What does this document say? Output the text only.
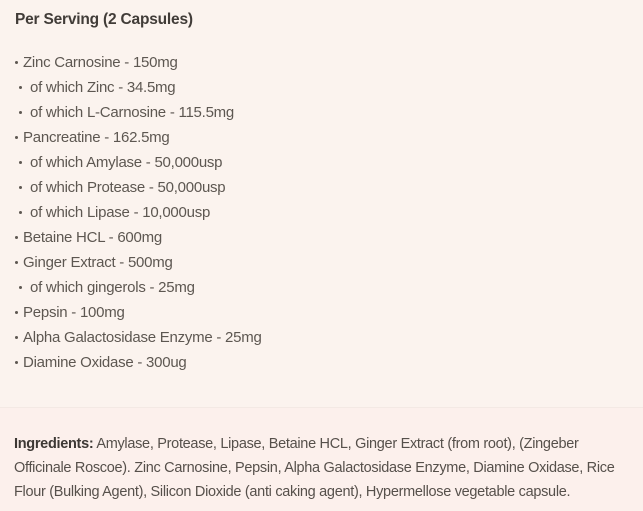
Per Serving (2 Capsules)
Zinc Carnosine - 150mg
of which Zinc - 34.5mg
of which L-Carnosine - 115.5mg
Pancreatine - 162.5mg
of which Amylase - 50,000usp
of which Protease - 50,000usp
of which Lipase - 10,000usp
Betaine HCL - 600mg
Ginger Extract - 500mg
of which gingerols - 25mg
Pepsin - 100mg
Alpha Galactosidase Enzyme - 25mg
Diamine Oxidase - 300ug

Ingredients: Amylase, Protease, Lipase, Betaine HCL, Ginger Extract (from root), (Zingeber Officinale Roscoe). Zinc Carnosine, Pepsin, Alpha Galactosidase Enzyme, Diamine Oxidase, Rice Flour (Bulking Agent), Silicon Dioxide (anti caking agent), Hypermellose vegetable capsule.
